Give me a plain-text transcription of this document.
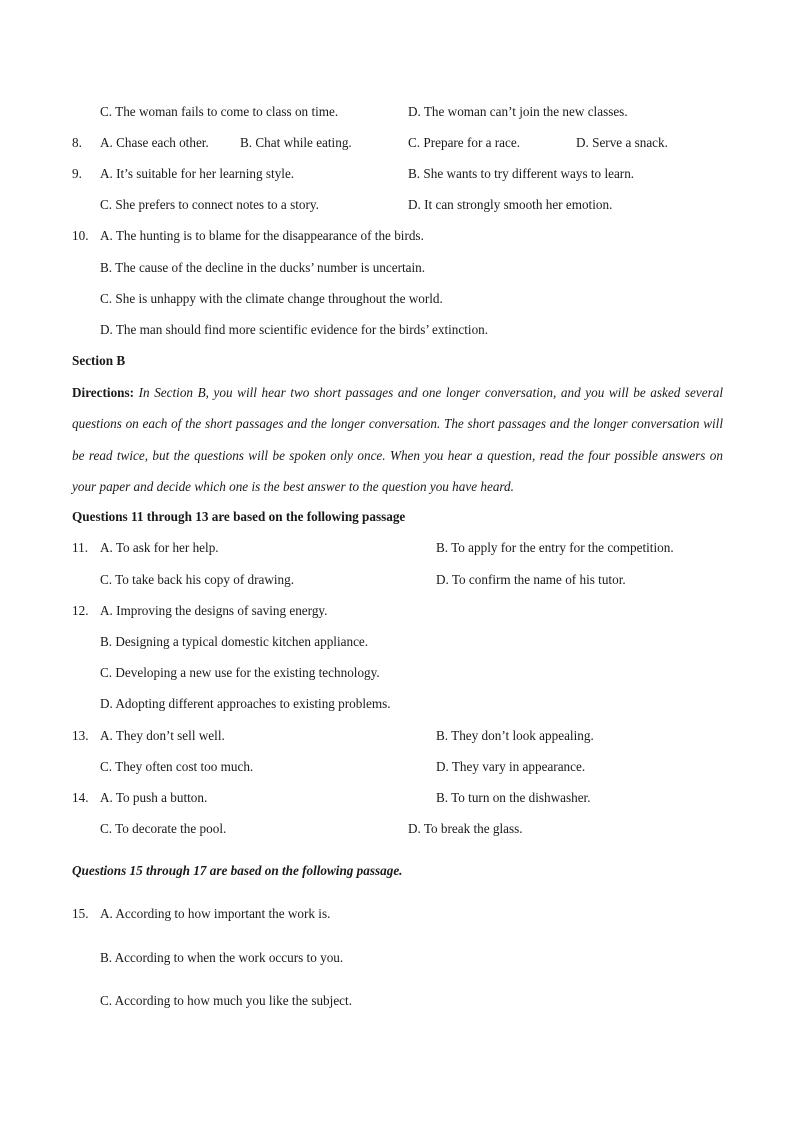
C. The woman fails to come to class on time.	D. The woman can’t join the new classes.
8. A. Chase each other. B. Chat while eating.	C. Prepare for a race.	D. Serve a snack.
9. A. It’s suitable for her learning style.	B. She wants to try different ways to learn.
C. She prefers to connect notes to a story.	D. It can strongly smooth her emotion.
10. A. The hunting is to blame for the disappearance of the birds.
B. The cause of the decline in the ducks’ number is uncertain.
C. She is unhappy with the climate change throughout the world.
D. The man should find more scientific evidence for the birds’ extinction.
Section B
Directions: In Section B, you will hear two short passages and one longer conversation, and you will be asked several questions on each of the short passages and the longer conversation. The short passages and the longer conversation will be read twice, but the questions will be spoken only once. When you hear a question, read the four possible answers on your paper and decide which one is the best answer to the question you have heard.
Questions 11 through 13 are based on the following passage
11. A. To ask for her help.	B. To apply for the entry for the competition.
C. To take back his copy of drawing.	D. To confirm the name of his tutor.
12. A. Improving the designs of saving energy.
B. Designing a typical domestic kitchen appliance.
C. Developing a new use for the existing technology.
D. Adopting different approaches to existing problems.
13. A. They don’t sell well.	B. They don’t look appealing.
C. They often cost too much.	D. They vary in appearance.
14. A. To push a button.	B. To turn on the dishwasher.
C. To decorate the pool.	D. To break the glass.
Questions 15 through 17 are based on the following passage.
15. A. According to how important the work is.
B. According to when the work occurs to you.
C. According to how much you like the subject.
